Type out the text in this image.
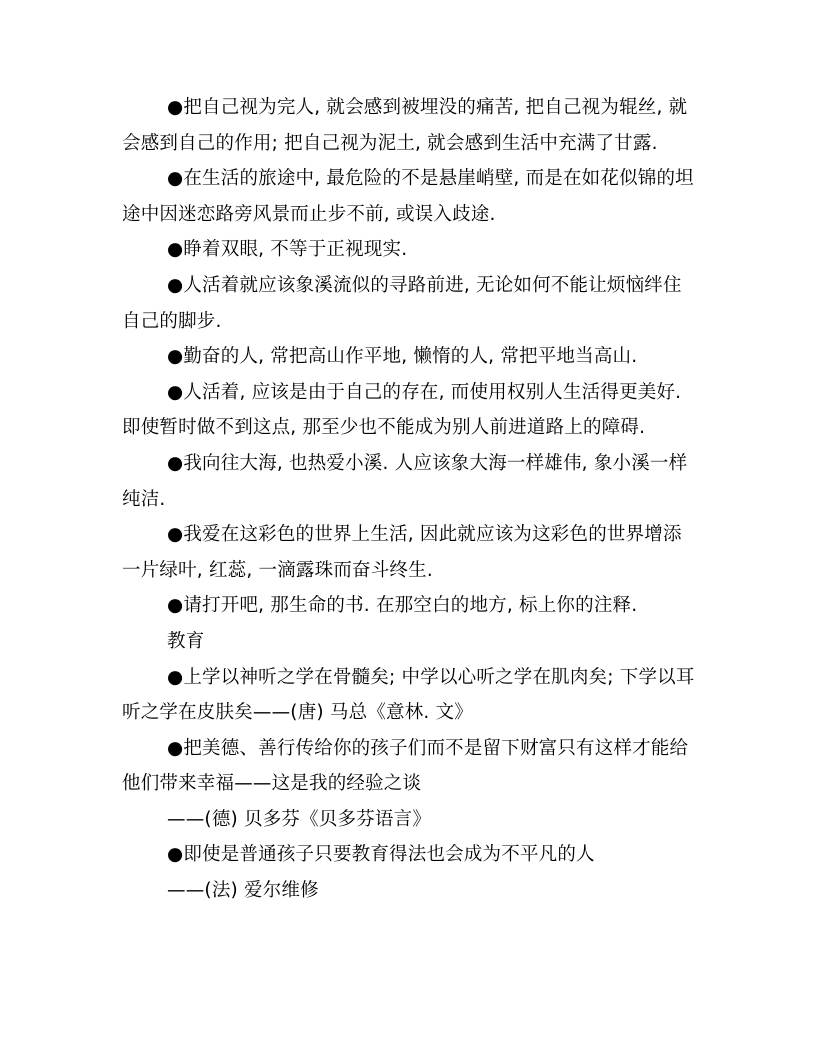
●把自己视为完人, 就会感到被埋没的痛苦, 把自己视为辊丝, 就
会感到自己的作用; 把自己视为泥土, 就会感到生活中充满了甘露.
●在生活的旅途中, 最危险的不是悬崖峭壁, 而是在如花似锦的坦
途中因迷恋路旁风景而止步不前, 或误入歧途.
●睁着双眼, 不等于正视现实.
●人活着就应该象溪流似的寻路前进, 无论如何不能让烦恼绊住
自己的脚步.
●勤奋的人, 常把高山作平地, 懒惰的人, 常把平地当高山.
●人活着, 应该是由于自己的存在, 而使用权别人生活得更美好.
即使暂时做不到这点, 那至少也不能成为别人前进道路上的障碍.
●我向往大海, 也热爱小溪. 人应该象大海一样雄伟, 象小溪一样
纯洁.
●我爱在这彩色的世界上生活, 因此就应该为这彩色的世界增添
一片绿叶, 红蕊, 一滴露珠而奋斗终生.
●请打开吧, 那生命的书. 在那空白的地方, 标上你的注释.
教育
●上学以神听之学在骨髓矣; 中学以心听之学在肌肉矣; 下学以耳
听之学在皮肤矣——(唐) 马总《意林. 文》
●把美德、善行传给你的孩子们而不是留下财富只有这样才能给
他们带来幸福——这是我的经验之谈
——(德) 贝多芬《贝多芬语言》
●即使是普通孩子只要教育得法也会成为不平凡的人
——(法) 爱尔维修
